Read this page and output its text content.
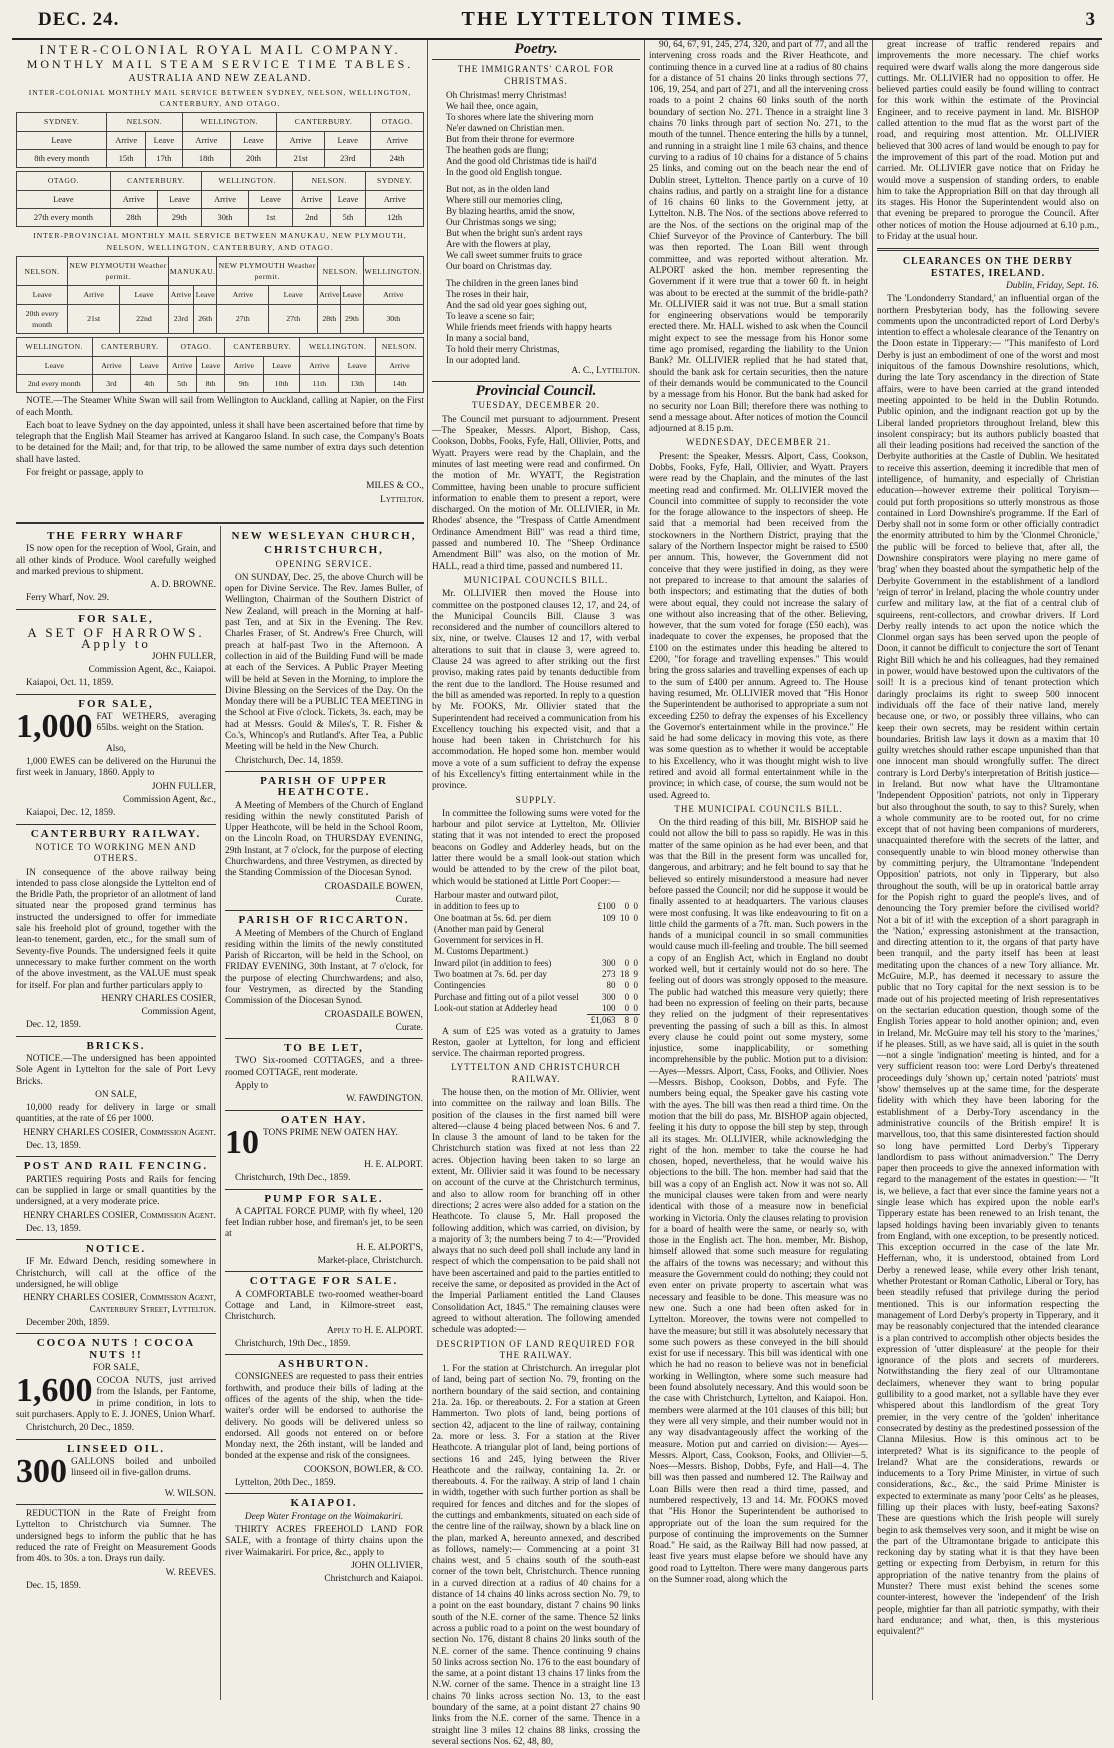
DEC. 24.	THE LYTTELTON TIMES.	3
INTER-COLONIAL ROYAL MAIL COMPANY.
MONTHLY MAIL STEAM SERVICE TIME TABLES.
AUSTRALIA AND NEW ZEALAND.
INTER-COLONIAL MONTHLY MAIL SERVICE BETWEEN SYDNEY, NELSON, WELLINGTON, CANTERBURY, AND OTAGO.
SYDNEY.	NELSON.		WELLINGTON.		CANTERBURY.		OTAGO.
Leave	Arrive	Leave	Arrive	Leave	Arrive	Leave	Arrive
8th every month	15th	17th	18th	20th	21st	23rd	24th
OTAGO.	CANTERBURY.		WELLINGTON.		NELSON.		SYDNEY.
Leave	Arrive	Leave	Arrive	Leave	Arrive	Leave	Arrive
27th every month	28th	29th	30th	1st	2nd	5th	12th
INTER-PROVINCIAL MONTHLY MAIL SERVICE BETWEEN MANUKAU, NEW PLYMOUTH, NELSON, WELLINGTON, CANTERBURY, AND OTAGO.
NELSON.	NEW PLYMOUTH Weather permit.		MANUKAU.		NEW PLYMOUTH Weather permit.		NELSON.		WELLINGTON.
Leave	Arrive	Leave	Arrive	Leave	Arrive	Leave	Arrive	Leave	Arrive
20th every month	21st	22nd	23rd	26th	27th	27th	28th	29th	30th
WELLINGTON.	CANTERBURY.		OTAGO.		CANTERBURY.		WELLINGTON.		NELSON.
Leave	Arrive	Leave	Arrive	Leave	Arrive	Leave	Arrive	Leave	Arrive
2nd every month	3rd	4th	5th	8th	9th	10th	11th	13th	14th

NOTE.—The Steamer White Swan will sail from Wellington to Auckland, calling at Napier, on the First of each Month.

Each boat to leave Sydney on the day appointed, unless it shall have been ascertained before that time by telegraph that the English Mail Steamer has arrived at Kangaroo Island. In such case, the Company's Boats to be detained for the Mail; and, for that trip, to be allowed the same number of extra days such detention shall have lasted.

For freight or passage, apply to

MILES & CO.,

Lyttelton.

THE FERRY WHARF

IS now open for the reception of Wool, Grain, and all other kinds of Produce. Wool carefully weighed and marked previous to shipment.

A. D. BROWNE.

Ferry Wharf, Nov. 29.

FOR SALE,

A SET OF HARROWS. Apply to

JOHN FULLER,

Commission Agent, &c., Kaiapoi.

Kaiapoi, Oct. 11, 1859.

FOR SALE,
1,000 FAT WETHERS, averaging 65lbs. weight on the Station.

Also,

1,000 EWES can be delivered on the Hurunui the first week in January, 1860. Apply to

JOHN FULLER,

Commission Agent, &c.,

Kaiapoi, Dec. 12, 1859.

CANTERBURY RAILWAY.
NOTICE TO WORKING MEN AND OTHERS.

IN consequence of the above railway being intended to pass close alongside the Lyttelton end of the Bridle Path, the proprietor of an allotment of land situated near the proposed grand terminus has instructed the undersigned to offer for immediate sale his freehold plot of ground, together with the lean-to tenement, garden, etc., for the small sum of Seventy-five Pounds. The undersigned feels it quite unnecessary to make further comment on the worth of the above investment, as the VALUE must speak for itself. For plan and further particulars apply to

HENRY CHARLES COSIER,

Commission Agent,

Dec. 12, 1859.

BRICKS.

NOTICE.—The undersigned has been appointed Sole Agent in Lyttelton for the sale of Port Levy Bricks.

ON SALE,

10,000 ready for delivery in large or small quantities, at the rate of £6 per 1000.

HENRY CHARLES COSIER, Commission Agent.

Dec. 13, 1859.

POST AND RAIL FENCING.

PARTIES requiring Posts and Rails for fencing can be supplied in large or small quantities by the undersigned, at a very moderate price.

HENRY CHARLES COSIER, Commission Agent.

Dec. 13, 1859.

NOTICE.

IF Mr. Edward Dench, residing somewhere in Christchurch, will call at the office of the undersigned, he will oblige

HENRY CHARLES COSIER, Commission Agent, Canterbury Street, Lyttelton.

December 20th, 1859.

COCOA NUTS ! COCOA NUTS !!

FOR SALE,

1,600 COCOA NUTS, just arrived from the Islands, per Fantome, in prime condition, in lots to suit purchasers. Apply to E. J. JONES, Union Wharf.

Christchurch, 20 Dec., 1859.

LINSEED OIL.
300 GALLONS boiled and unboiled linseed oil in five-gallon drums.

W. WILSON.

REDUCTION in the Rate of Freight from Lyttelton to Christchurch via Sumner. The undersigned begs to inform the public that he has reduced the rate of Freight on Measurement Goods from 40s. to 30s. a ton. Drays run daily.

W. REEVES.

Dec. 15, 1859.

NEW WESLEYAN CHURCH,
CHRISTCHURCH,
OPENING SERVICE.

ON SUNDAY, Dec. 25, the above Church will be open for Divine Service. The Rev. James Buller, of Wellington, Chairman of the Southern District of New Zealand, will preach in the Morning at half-past Ten, and at Six in the Evening. The Rev. Charles Fraser, of St. Andrew's Free Church, will preach at half-past Two in the Afternoon. A collection in aid of the Building Fund will be made at each of the Services. A Public Prayer Meeting will be held at Seven in the Morning, to implore the Divine Blessing on the Services of the Day. On the Monday there will be a PUBLIC TEA MEETING in the School at Five o'clock. Tickets, 3s. each, may be had at Messrs. Gould & Miles's, T. R. Fisher & Co.'s, Whincop's and Rutland's. After Tea, a Public Meeting will be held in the New Church.

Christchurch, Dec. 14, 1859.

PARISH OF UPPER HEATHCOTE.

A Meeting of Members of the Church of England residing within the newly constituted Parish of Upper Heathcote, will be held in the School Room, on the Lincoln Road, on THURSDAY EVENING, 29th Instant, at 7 o'clock, for the purpose of electing Churchwardens, and three Vestrymen, as directed by the Standing Commission of the Diocesan Synod.

CROASDAILE BOWEN,

Curate.

PARISH OF RICCARTON.

A Meeting of Members of the Church of England residing within the limits of the newly constituted Parish of Riccarton, will be held in the School, on FRIDAY EVENING, 30th Instant, at 7 o'clock, for the purpose of electing Churchwardens; and also, four Vestrymen, as directed by the Standing Commission of the Diocesan Synod.

CROASDAILE BOWEN,

Curate.

TO BE LET,

TWO Six-roomed COTTAGES, and a three-roomed COTTAGE, rent moderate.

Apply to

W. FAWDINGTON.

OATEN HAY.
10 TONS PRIME NEW OATEN HAY.

H. E. ALPORT.

Christchurch, 19th Dec., 1859.

PUMP FOR SALE.

A CAPITAL FORCE PUMP, with fly wheel, 120 feet Indian rubber hose, and fireman's jet, to be seen at

H. E. ALPORT'S,

Market-place, Christchurch.

COTTAGE FOR SALE.

A COMFORTABLE two-roomed weather-board Cottage and Land, in Kilmore-street east, Christchurch.

Apply to H. E. ALPORT.

Christchurch, 19th Dec., 1859.

ASHBURTON.

CONSIGNEES are requested to pass their entries forthwith, and produce their bills of lading at the offices of the agents of the ship, when the tide-waiter's order will be endorsed to authorise the delivery. No goods will be delivered unless so endorsed. All goods not entered on or before Monday next, the 26th instant, will be landed and bonded at the expense and risk of the consignees.

COOKSON, BOWLER, & CO.

Lyttelton, 20th Dec., 1859.

KAIAPOI.

Deep Water Frontage on the Waimakariri.

THIRTY ACRES FREEHOLD LAND FOR SALE, with a frontage of thirty chains upon the river Waimakariri. For price, &c., apply to

JOHN OLLIVIER,

Christchurch and Kaiapoi.

Poetry.
THE IMMIGRANTS' CAROL FOR CHRISTMAS.

Oh Christmas! merry Christmas!

We hail thee, once again,

To shores where late the shivering morn

Ne'er dawned on Christian men.

But from their throne for evermore

The heathen gods are flung;

And the good old Christmas tide is hail'd

In the good old English tongue.

But not, as in the olden land

Where still our memories cling,

By blazing hearths, amid the snow,

Our Christmas songs we sing;

But when the bright sun's ardent rays

Are with the flowers at play,

We call sweet summer fruits to grace

Our board on Christmas day.

The children in the green lanes bind

The roses in their hair,

And the sad old year goes sighing out,

To leave a scene so fair;

While friends meet friends with happy hearts

In many a social band,

To hold their merry Christmas,

In our adopted land.

A. C., Lyttelton.

Provincial Council.
TUESDAY, DECEMBER 20.

The Council met pursuant to adjournment. Present—The Speaker, Messrs. Alport, Bishop, Cass, Cookson, Dobbs, Fooks, Fyfe, Hall, Ollivier, Potts, and Wyatt. Prayers were read by the Chaplain, and the minutes of last meeting were read and confirmed. On the motion of Mr. WYATT, the Registration Committee, having been unable to procure sufficient information to enable them to present a report, were discharged. On the motion of Mr. OLLIVIER, in Mr. Rhodes' absence, the "Trespass of Cattle Amendment Ordinance Amendment Bill" was read a third time, passed and numbered 10. The "Sheep Ordinance Amendment Bill" was also, on the motion of Mr. HALL, read a third time, passed and numbered 11.

MUNICIPAL COUNCILS BILL.

Mr. OLLIVIER then moved the House into committee on the postponed clauses 12, 17, and 24, of the Municipal Councils Bill. Clause 3 was reconsidered and the number of councillors altered to six, nine, or twelve. Clauses 12 and 17, with verbal alterations to suit that in clause 3, were agreed to. Clause 24 was agreed to after striking out the first proviso, making rates paid by tenants deductible from the rent due to the landlord. The House resumed and the bill as amended was reported. In reply to a question by Mr. FOOKS, Mr. Ollivier stated that the Superintendent had received a communication from his Excellency touching his expected visit, and that a house had been taken in Christchurch for his accommodation. He hoped some hon. member would move a vote of a sum sufficient to defray the expense of his Excellency's fitting entertainment while in the province.

SUPPLY.

In committee the following sums were voted for the harbour and pilot service at Lyttelton, Mr. Ollivier stating that it was not intended to erect the proposed beacons on Godley and Adderley heads, but on the latter there would be a small look-out station which would be attended to by the crew of the pilot boat, which would be stationed at Little Port Cooper:—

Harbour master and outward pilot,			
in addition to fees up to	£100	0	0
One boatman at 5s. 6d. per diem	109	10	0
(Another man paid by General			
Government for services in H.			
M. Customs Department.)			
Inward pilot (in addition to fees)	300	0	0
Two boatmen at 7s. 6d. per day	273	18	9
Contingencies	80	0	0
Purchase and fitting out of a pilot vessel	300	0	0
Look-out station at Adderley head	100	0	0
	£1,063	8	0

A sum of £25 was voted as a gratuity to James Reston, gaoler at Lyttelton, for long and efficient service. The chairman reported progress.

LYTTELTON AND CHRISTCHURCH RAILWAY.

The house then, on the motion of Mr. Ollivier, went into committee on the railway and loan Bills. The position of the clauses in the first named bill were altered—clause 4 being placed between Nos. 6 and 7. In clause 3 the amount of land to be taken for the Christchurch station was fixed at not less than 22 acres. Objection having been taken to so large an extent, Mr. Ollivier said it was found to be necessary on account of the curve at the Christchurch terminus, and also to allow room for branching off in other directions; 2 acres were also added for a station on the Heathcote. To clause 5, Mr. Hall proposed the following addition, which was carried, on division, by a majority of 3; the numbers being 7 to 4:—"Provided always that no such deed poll shall include any land in respect of which the compensation to be paid shall not have been ascertained and paid to the parties entitled to receive the same, or deposited as provided in the Act of the Imperial Parliament entitled the Land Clauses Consolidation Act, 1845." The remaining clauses were agreed to without alteration. The following amended schedule was adopted:—

DESCRIPTION OF LAND REQUIRED FOR THE RAILWAY.

1. For the station at Christchurch. An irregular plot of land, being part of section No. 79, fronting on the northern boundary of the said section, and containing 21a. 2a. 16p. or thereabouts. 2. For a station at Green Hammerton. Two plots of land, being portions of section 42, adjacent to the line of railway, containing 2a. more or less. 3. For a station at the River Heathcote. A triangular plot of land, being portions of sections 16 and 245, lying between the River Heathcote and the railway, containing 1a. 2r. or thereabouts. 4. For the railway. A strip of land 1 chain in width, together with such further portion as shall be required for fences and ditches and for the slopes of the cuttings and embankments, situated on each side of the centre line of the railway, shown by a black line on the plan, marked A, hereunto annexed, and described as follows, namely:— Commencing at a point 31 chains west, and 5 chains south of the south-east corner of the town belt, Christchurch. Thence running in a curved direction at a radius of 40 chains for a distance of 14 chains 40 links across section No. 79, to a point on the east boundary, distant 7 chains 90 links south of the N.E. corner of the same. Thence 52 links across a public road to a point on the west boundary of section No. 176, distant 8 chains 20 links south of the N.E. corner of the same. Thence continuing 9 chains 50 links across section No. 176 to the east boundary of the same, at a point distant 13 chains 17 links from the N.W. corner of the same. Thence in a straight line 13 chains 70 links across section No. 13, to the east boundary of the same, at a point distant 27 chains 90 links from the N.E. corner of the same. Thence in a straight line 3 miles 12 chains 88 links, crossing the several sections Nos. 62, 48, 80,

90, 64, 67, 91, 245, 274, 320, and part of 77, and all the intervening cross roads and the River Heathcote, and continuing thence in a curved line at a radius of 80 chains for a distance of 51 chains 20 links through sections 77, 106, 19, 254, and part of 271, and all the intervening cross roads to a point 2 chains 60 links south of the north boundary of section No. 271. Thence in a straight line 3 chains 70 links through part of section No. 271, to the mouth of the tunnel. Thence entering the hills by a tunnel, and running in a straight line 1 mile 63 chains, and thence curving to a radius of 10 chains for a distance of 5 chains 25 links, and coming out on the beach near the end of Dublin street, Lyttelton. Thence partly on a curve of 10 chains radius, and partly on a straight line for a distance of 16 chains 60 links to the Government jetty, at Lyttelton. N.B. The Nos. of the sections above referred to are the Nos. of the sections on the original map of the Chief Surveyor of the Province of Canterbury. The bill was then reported. The Loan Bill went through committee, and was reported without alteration. Mr. ALPORT asked the hon. member representing the Government if it were true that a tower 60 ft. in height was about to be erected at the summit of the bridle-path? Mr. OLLIVIER said it was not true. But a small station for engineering observations would be temporarily erected there. Mr. HALL wished to ask when the Council might expect to see the message from his Honor some time ago promised, regarding the liability to the Union Bank? Mr. OLLIVIER replied that he had stated that, should the bank ask for certain securities, then the nature of their demands would be communicated to the Council by a message from his Honor. But the bank had asked for no security nor Loan Bill; therefore there was nothing to send a message about. After notices of motion the Council adjourned at 8.15 p.m.

WEDNESDAY, DECEMBER 21.

Present: the Speaker, Messrs. Alport, Cass, Cookson, Dobbs, Fooks, Fyfe, Hall, Ollivier, and Wyatt. Prayers were read by the Chaplain, and the minutes of the last meeting read and confirmed. Mr. OLLIVIER moved the Council into committee of supply to reconsider the vote for the forage allowance to the inspectors of sheep. He said that a memorial had been received from the stockowners in the Northern District, praying that the salary of the Northern Inspector might be raised to £500 per annum. This, however, the Government did not conceive that they were justified in doing, as they were not prepared to increase to that amount the salaries of both inspectors; and estimating that the duties of both were about equal, they could not increase the salary of one without also increasing that of the other. Believing, however, that the sum voted for forage (£50 each), was inadequate to cover the expenses, he proposed that the £100 on the estimates under this heading be altered to £200, "for forage and travelling expenses." This would bring the gross salaries and travelling expenses of each up to the sum of £400 per annum. Agreed to. The House having resumed, Mr. OLLIVIER moved that "His Honor the Superintendent be authorised to appropriate a sum not exceeding £250 to defray the expenses of his Excellency the Governor's entertainment while in the province." He said he had some delicacy in moving this vote, as there was some question as to whether it would be acceptable to his Excellency, who it was thought might wish to live retired and avoid all formal entertainment while in the province; in which case, of course, the sum would not be used. Agreed to.

THE MUNICIPAL COUNCILS BILL.

On the third reading of this bill, Mr. BISHOP said he could not allow the bill to pass so rapidly. He was in this matter of the same opinion as he had ever been, and that was that the Bill in the present form was uncalled for, dangerous, and arbitrary; and he felt bound to say that he believed so entirely misunderstood a measure had never before passed the Council; nor did he suppose it would be finally assented to at headquarters. The various clauses were most confusing. It was like endeavouring to fit on a little child the garments of a 7ft. man. Such powers in the hands of a municipal council in so small communities would cause much ill-feeling and trouble. The bill seemed a copy of an English Act, which in England no doubt worked well, but it certainly would not do so here. The feeling out of doors was strongly opposed to the measure. The public had watched this measure very quietly; there had been no expression of feeling on their parts, because they relied on the judgment of their representatives preventing the passing of such a bill as this. In almost every clause he could point out some mystery, some injustice, some inapplicability, or something incomprehensible by the public. Motion put to a division:—Ayes—Messrs. Alport, Cass, Fooks, and Ollivier. Noes—Messrs. Bishop, Cookson, Dobbs, and Fyfe. The numbers being equal, the Speaker gave his casting vote with the ayes. The bill was then read a third time. On the motion that the bill do pass, Mr. BISHOP again objected, feeling it his duty to oppose the bill step by step, through all its stages. Mr. OLLIVIER, while acknowledging the right of the hon. member to take the course he had chosen, hoped, nevertheless, that he would waive his objections to the bill. The hon. member had said that the bill was a copy of an English act. Now it was not so. All the municipal clauses were taken from and were nearly identical with those of a measure now in beneficial working in Victoria. Only the clauses relating to provision for a board of health were the same, or nearly so, with those in the English act. The hon. member, Mr. Bishop, himself allowed that some such measure for regulating the affairs of the towns was necessary; and without this measure the Government could do nothing; they could not even enter on private property to ascertain what was necessary and feasible to be done. This measure was no new one. Such a one had been often asked for in Lyttelton. Moreover, the towns were not compelled to have the measure; but still it was absolutely necessary that some such powers as these conveyed in the bill should exist for use if necessary. This bill was identical with one which he had no reason to believe was not in beneficial working in Wellington, where some such measure had been found absolutely necessary. And this would soon be the case with Christchurch, Lyttelton, and Kaiapoi. Hon. members were alarmed at the 101 clauses of this bill; but they were all very simple, and their number would not in any way disadvantageously affect the working of the measure. Motion put and carried on division:— Ayes—Messrs. Alport, Cass, Cookson, Fooks, and Ollivier—5. Noes—Messrs. Bishop, Dobbs, Fyfe, and Hall—4. The bill was then passed and numbered 12. The Railway and Loan Bills were then read a third time, passed, and numbered respectively, 13 and 14. Mr. FOOKS moved that "His Honor the Superintendent be authorised to appropriate out of the loan the sum required for the purpose of continuing the improvements on the Sumner Road." He said, as the Railway Bill had now passed, at least five years must elapse before we should have any good road to Lyttelton. There were many dangerous parts on the Sumner road, along which the

great increase of traffic rendered repairs and improvements the more necessary. The chief works required were dwarf walls along the more dangerous side cuttings. Mr. OLLIVIER had no opposition to offer. He believed parties could easily be found willing to contract for this work within the estimate of the Provincial Engineer, and to receive payment in land. Mr. BISHOP called attention to the mud flat as the worst part of the road, and requiring most attention. Mr. OLLIVIER believed that 300 acres of land would be enough to pay for the improvement of this part of the road. Motion put and carried. Mr. OLLIVIER gave notice that on Friday he would move a suspension of standing orders, to enable him to take the Appropriation Bill on that day through all its stages. His Honor the Superintendent would also on that evening be prepared to prorogue the Council. After other notices of motion the House adjourned at 6.10 p.m., to Friday at the usual hour.

CLEARANCES ON THE DERBY ESTATES, IRELAND.

Dublin, Friday, Sept. 16.

The 'Londonderry Standard,' an influential organ of the northern Presbyterian body, has the following severe comments upon the uncontradicted report of Lord Derby's intention to effect a wholesale clearance of the Tenantry on the Doon estate in Tipperary:— "This manifesto of Lord Derby is just an embodiment of one of the worst and most iniquitous of the famous Downshire resolutions, which, during the late Tory ascendancy in the direction of State affairs, were to have been carried at the grand intended meeting appointed to be held in the Dublin Rotundo. Public opinion, and the indignant reaction got up by the Liberal landed proprietors throughout Ireland, blew this insolent conspiracy; but its authors publicly boasted that all their leading positions had received the sanction of the Derbyite authorities at the Castle of Dublin. We hesitated to receive this assertion, deeming it incredible that men of intelligence, of humanity, and especially of Christian education—however extreme their political Toryism—could put forth propositions so utterly monstrous as those contained in Lord Downshire's programme. If the Earl of Derby shall not in some form or other officially contradict the enormity attributed to him by the 'Clonmel Chronicle,' the public will be forced to believe that, after all, the Downshire conspirators were playing no mere game of 'brag' when they boasted about the sympathetic help of the Derbyite Government in the establishment of a landlord 'reign of terror' in Ireland, placing the whole country under curfew and military law, at the fiat of a central club of squireens, rent-collectors, and crowbar drivers. If Lord Derby really intends to act upon the notice which the Clonmel organ says has been served upon the people of Doon, it cannot be difficult to conjecture the sort of Tenant Right Bill which he and his colleagues, had they remained in power, would have bestowed upon the cultivators of the soil! It is a precious kind of tenant protection which daringly proclaims its right to sweep 500 innocent individuals off the face of their native land, merely because one, or two, or possibly three villains, who can keep their own secrets, may be resident within certain boundaries. British law lays it down as a maxim that 10 guilty wretches should rather escape unpunished than that one innocent man should wrongfully suffer. The direct contrary is Lord Derby's interpretation of British justice—in Ireland. But now what have the Ultramontane 'Independent Opposition' patriots, not only in Tipperary but also throughout the south, to say to this? Surely, when a whole community are to be rooted out, for no crime except that of not having been companions of murderers, unacquainted therefore with the secrets of the latter, and consequently unable to win blood money otherwise than by committing perjury, the Ultramontane 'Independent Opposition' patriots, not only in Tipperary, but also throughout the south, will be up in oratorical battle array for the Popish right to guard the people's lives, and of denouncing the Tory premier before the civilised world? Not a bit of it! with the exception of a short paragraph in the 'Nation,' expressing astonishment at the transaction, and directing attention to it, the organs of that party have been tranquil, and the party itself has been at least meditating upon the chances of a new Tory alliance. Mr. McGuire, M.P., has deemed it necessary to assure the public that no Tory capital for the next session is to be made out of his projected meeting of Irish representatives on the sectarian education question, though some of the English Tories appear to hold another opinion; and, even in Ireland, Mr. McGuire may tell his story to the 'marines,' if he pleases. Still, as we have said, all is quiet in the south—not a single 'indignation' meeting is hinted, and for a very sufficient reason too: were Lord Derby's threatened proceedings duly 'shown up,' certain noted 'patriots' must 'show' themselves up at the same time, for the desperate fidelity with which they have been laboring for the establishment of a Derby-Tory ascendancy in the administrative councils of the British empire! It is marvellous, too, that this same disinterested faction should so long have permitted Lord Derby's Tipperary landlordism to pass without animadversion." The Derry paper then proceeds to give the annexed information with regard to the management of the estates in question:— "It is, we believe, a fact that ever since the famine years not a single lease which has expired upon the noble earl's Tipperary estate has been renewed to an Irish tenant, the lapsed holdings having been invariably given to tenants from England, with one exception, to be presently noticed. This exception occurred in the case of the late Mr. Heffernan, who, it is understood, obtained from Lord Derby a renewed lease, while every other Irish tenant, whether Protestant or Roman Catholic, Liberal or Tory, has been steadily refused that privilege during the period mentioned. This is our information respecting the management of Lord Derby's property in Tipperary, and it may be reasonably conjectured that the intended clearance is a plan contrived to accomplish other objects besides the expression of 'utter displeasure' at the people for their ignorance of the plots and secrets of murderers. Notwithstanding the fiery zeal of our Ultramontane declaimers, whenever they want to bring popular gullibility to a good market, not a syllable have they ever whispered about this landlordism of the great Tory premier, in the very centre of the 'golden' inheritance consecrated by destiny as the predestined possession of the Clanna Milesius. How is this ominous act to be interpreted? What is its significance to the people of Ireland? What are the considerations, rewards or inducements to a Tory Prime Minister, in virtue of such considerations, &c., &c., the said Prime Minister is expected to exterminate as many 'poor Celts' as he pleases, filling up their places with lusty, beef-eating Saxons? These are questions which the Irish people will surely begin to ask themselves very soon, and it might be wise on the part of the Ultramontane brigade to anticipate this reckoning day by stating what it is that they have been getting or expecting from Derbyism, in return for this appropriation of the native tenantry from the plains of Munster? There must exist behind the scenes some counter-interest, however the 'independent' of the Irish people, mightier far than all patriotic sympathy, with their hard endurance; and what, then, is this mysterious equivalent?"
